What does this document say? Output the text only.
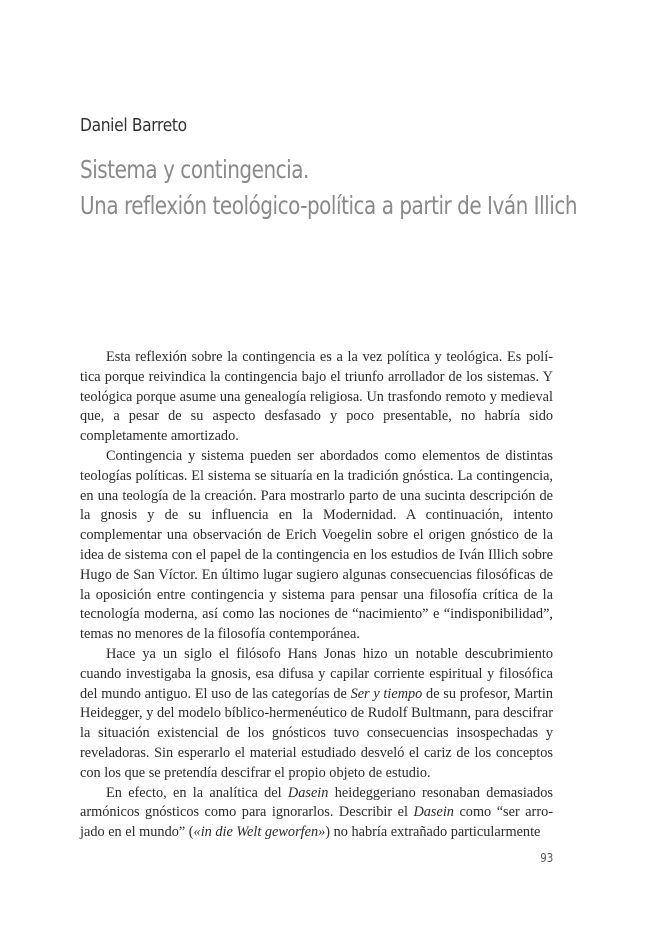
Daniel Barreto
Sistema y contingencia.
Una reflexión teológico-política a partir de Iván Illich

Esta reflexión sobre la contingencia es a la vez política y teológica. Es política porque reivindica la contingencia bajo el triunfo arrollador de los sistemas. Y teológica porque asume una genealogía religiosa. Un trasfondo remoto y medieval que, a pesar de su aspecto desfasado y poco presentable, no habría sido completamente amortizado.

Contingencia y sistema pueden ser abordados como elementos de distintas teologías políticas. El sistema se situaría en la tradición gnóstica. La contingencia, en una teología de la creación. Para mostrarlo parto de una sucinta descripción de la gnosis y de su influencia en la Modernidad. A continuación, intento complementar una observación de Erich Voegelin sobre el origen gnóstico de la idea de sistema con el papel de la contingencia en los estudios de Iván Illich sobre Hugo de San Víctor. En último lugar sugiero algunas consecuencias filosóficas de la oposición entre contingencia y sistema para pensar una filosofía crítica de la tecnología moderna, así como las nociones de “nacimiento” e “indisponibilidad”, temas no menores de la filosofía contemporánea.

Hace ya un siglo el filósofo Hans Jonas hizo un notable descubrimiento cuando investigaba la gnosis, esa difusa y capilar corriente espiritual y filosófica del mundo antiguo. El uso de las categorías de Ser y tiempo de su profesor, Martin Heidegger, y del modelo bíblico-hermenéutico de Rudolf Bultmann, para descifrar la situación existencial de los gnósticos tuvo consecuencias insospechadas y reveladoras. Sin esperarlo el material estudiado desveló el cariz de los conceptos con los que se pretendía descifrar el propio objeto de estudio.

En efecto, en la analítica del Dasein heideggeriano resonaban demasiados armónicos gnósticos como para ignorarlos. Describir el Dasein como “ser arrojado en el mundo” («in die Welt geworfen») no habría extrañado particularmente

93
